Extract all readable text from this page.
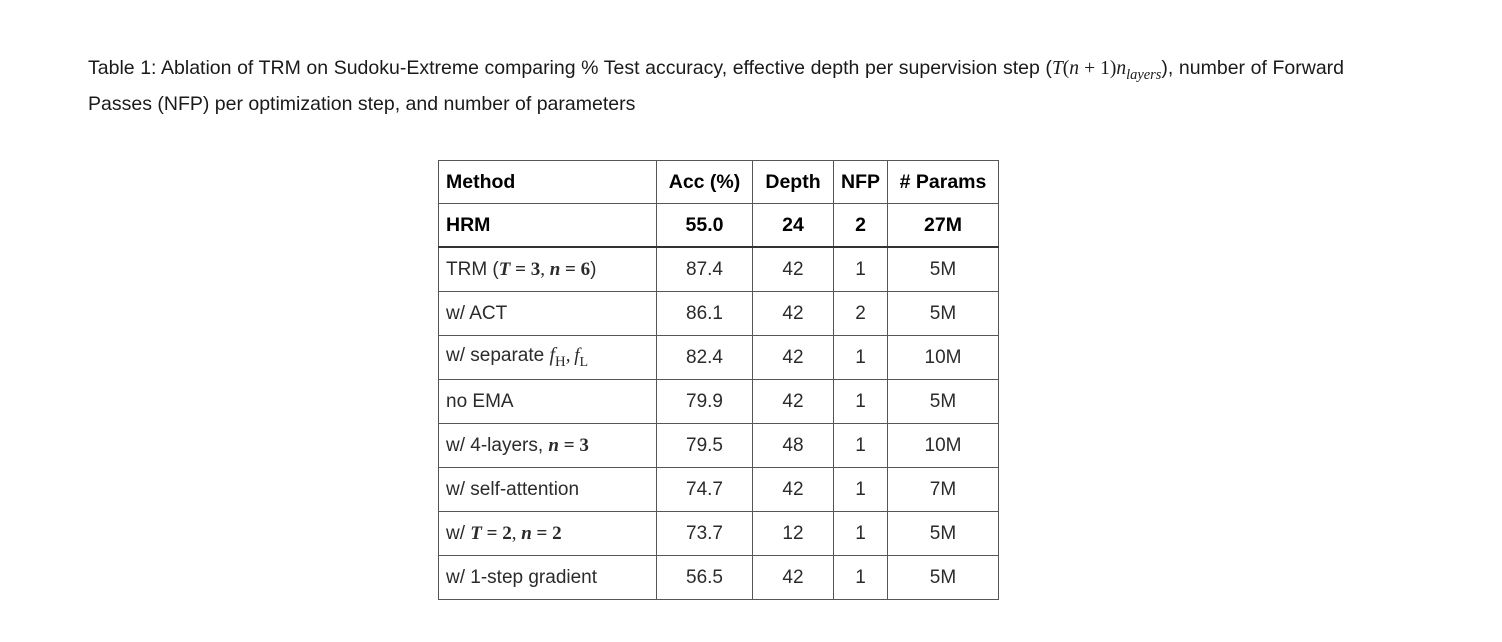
Table 1: Ablation of TRM on Sudoku-Extreme comparing % Test accuracy, effective depth per supervision step $(T(n + 1)n_{layers})$, number of Forward Passes (NFP) per optimization step, and number of parameters
Method	Acc (%)	Depth	NFP	# Params
HRM	55.0	24	2	27M
TRM (T = 3, n = 6)	87.4	42	1	5M
w/ ACT	86.1	42	2	5M
w/ separate $f_H$, $f_L$	82.4	42	1	10M
no EMA	79.9	42	1	5M
w/ 4-layers, n = 3	79.5	48	1	10M
w/ self-attention	74.7	42	1	7M
w/ T = 2, n = 2	73.7	12	1	5M
w/ 1-step gradient	56.5	42	1	5M
